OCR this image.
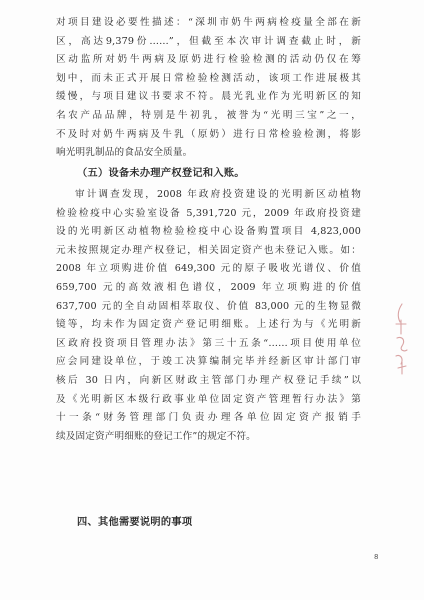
对项目建设必要性描述：“深圳市奶牛两病检疫量全部在新
区，高达9,379份……”，但截至本次审计调查截止时，新
区动监所对奶牛两病及原奶进行检验检测的活动仍仅在筹
划中，而未正式开展日常检验检测活动，该项工作进展极其
缓慢，与项目建议书要求不符。晨光乳业作为光明新区的知
名农产品品牌，特别是牛初乳，被誉为“光明三宝”之一，
不及时对奶牛两病及牛乳（原奶）进行日常检验检测，将影
响光明乳制品的食品安全质量。
（五）设备未办理产权登记和入账。
审计调查发现，2008 年政府投资建设的光明新区动植物
检验检疫中心实验室设备 5,391,720 元，2009 年政府投资建
设的光明新区动植物检验检疫中心设备购置项目 4,823,000
元未按照规定办理产权登记，相关固定资产也未登记入账。如：
2008 年立项购进价值 649,300 元的原子吸收光谱仪、价值
659,700 元的高效液相色谱仪，2009 年立项购进的价值
637,700 元的全自动固相萃取仪、价值 83,000 元的生物显微
镜等，均未作为固定资产登记明细账。上述行为与《光明新
区政府投资项目管理办法》第三十五条“……项目使用单位
应会同建设单位，于竣工决算编制完毕并经新区审计部门审
核后 30 日内，向新区财政主管部门办理产权登记手续”以
及《光明新区本级行政事业单位固定资产管理暂行办法》第
十一条“财务管理部门负责办理各单位固定资产报销手
续及固定资产明细账的登记工作”的规定不符。
四、其他需要说明的事项
8
